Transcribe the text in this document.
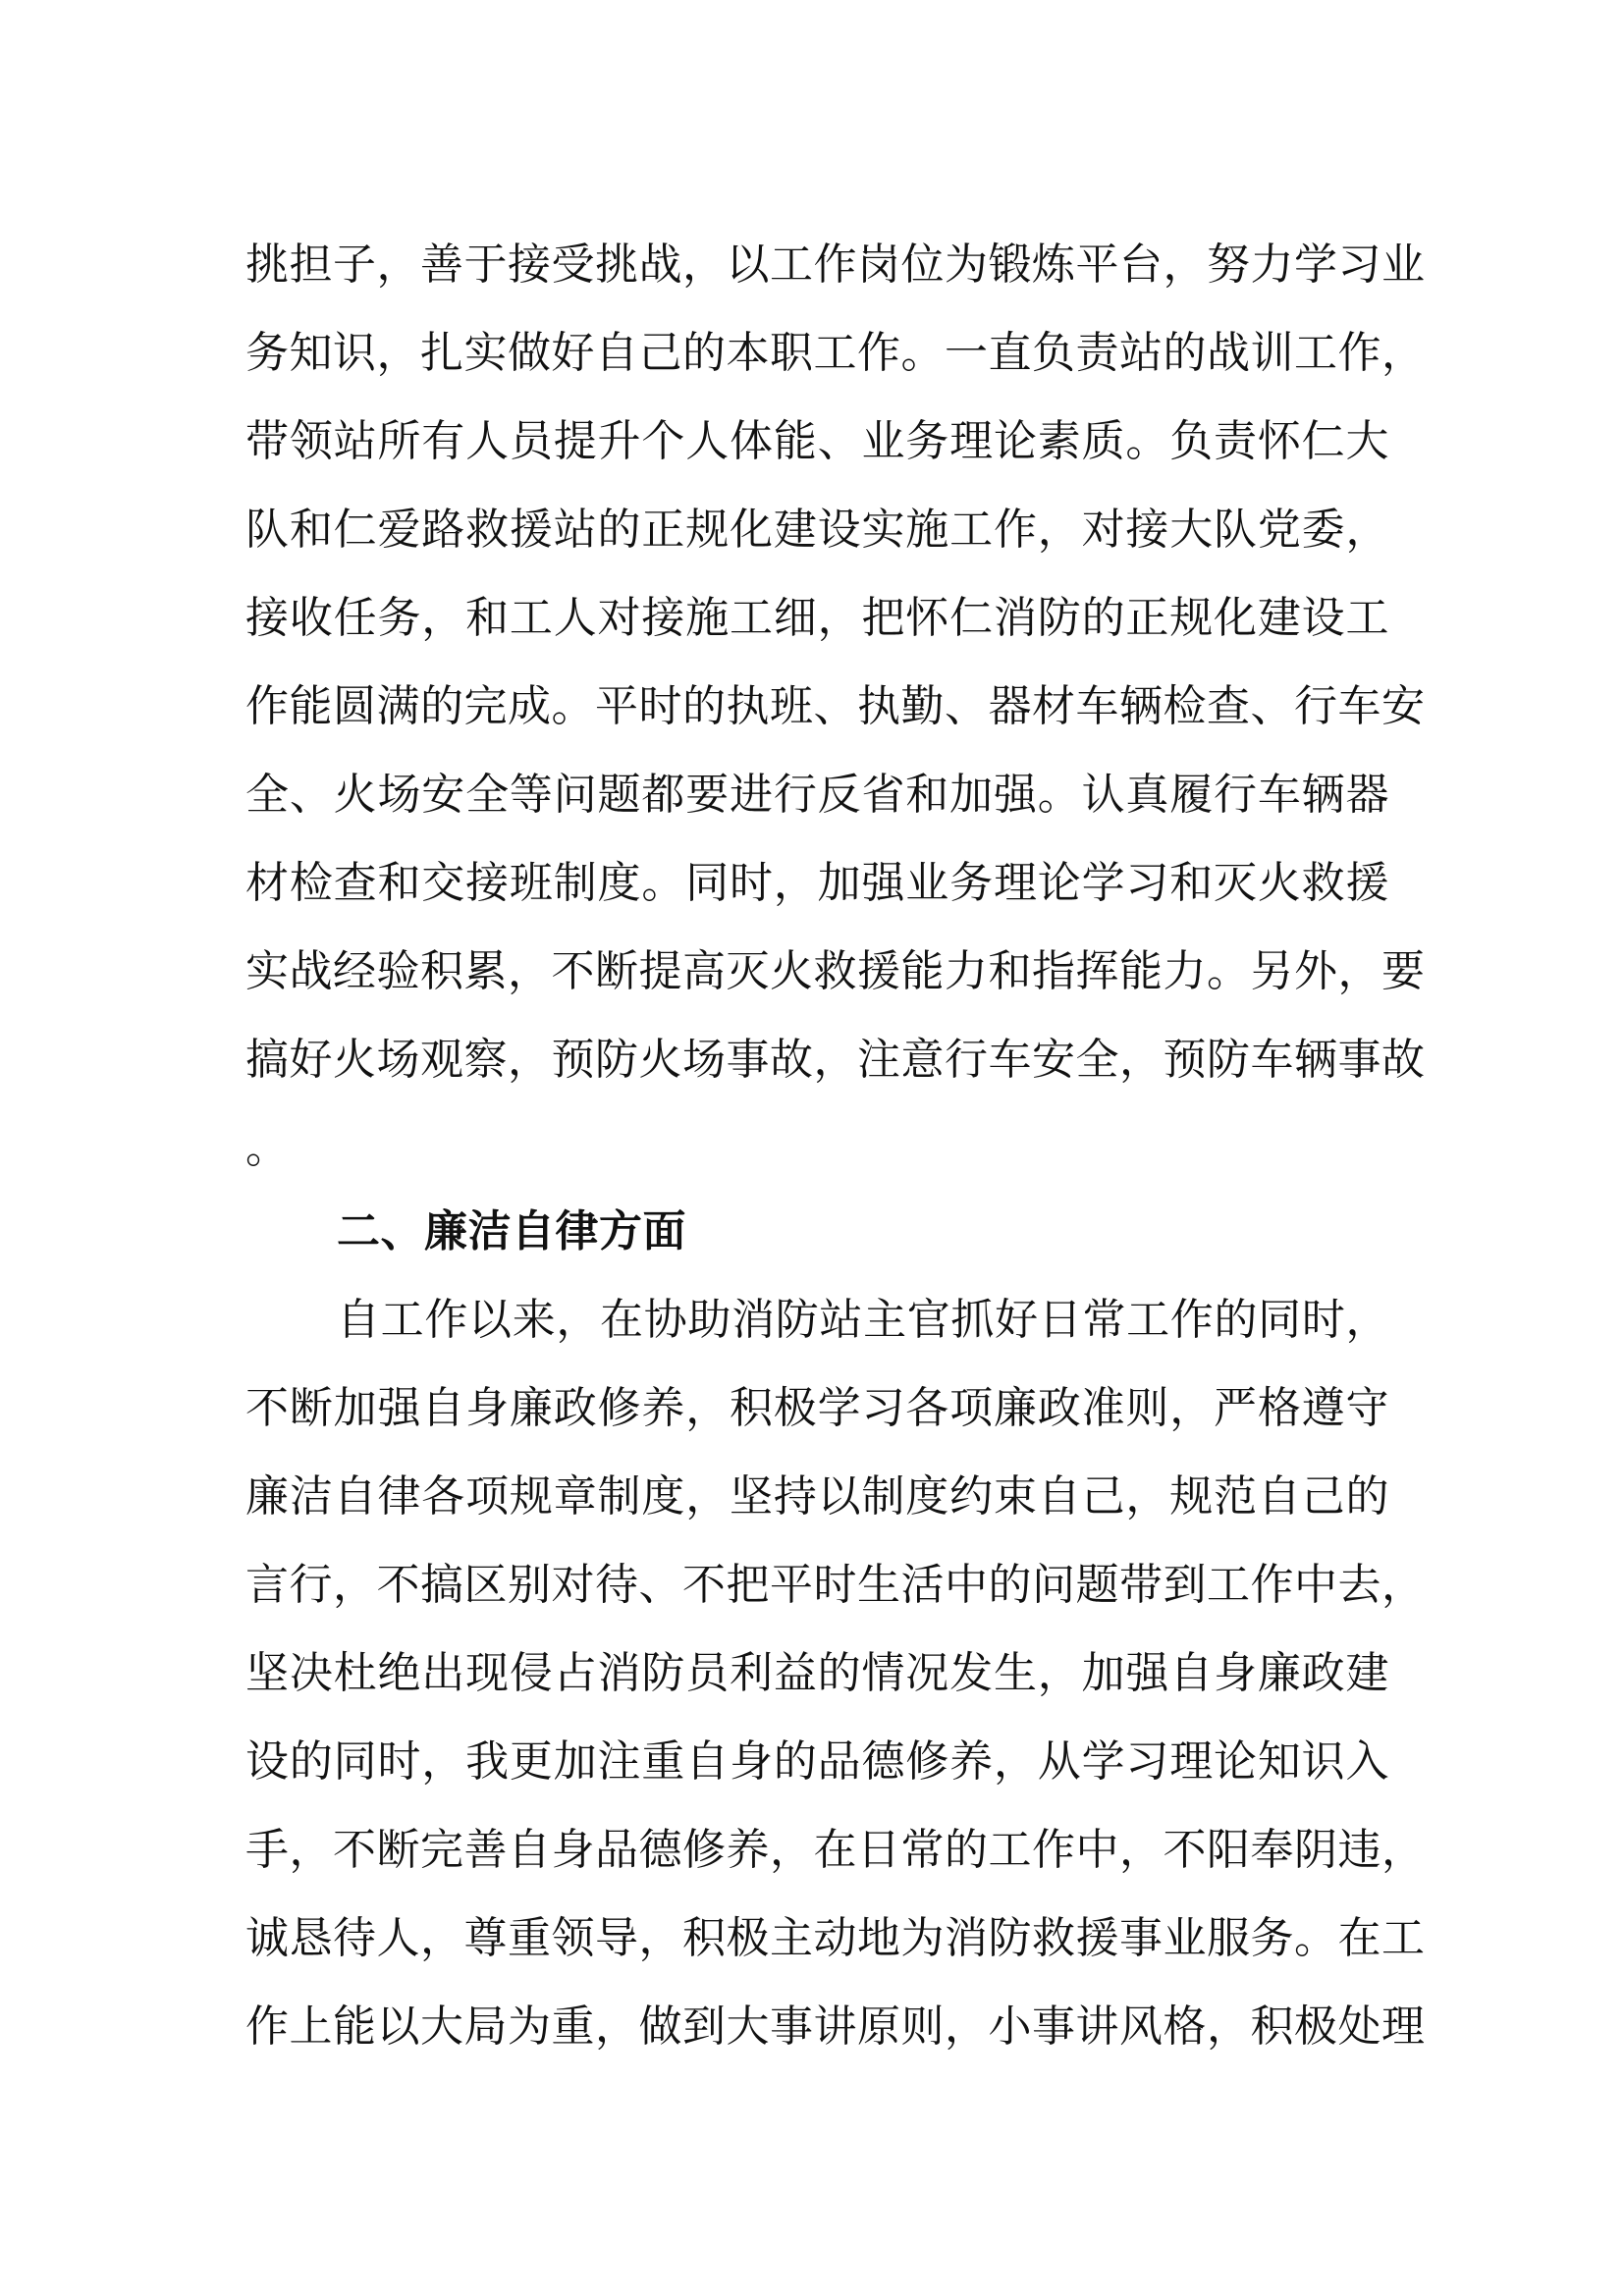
挑担子，善于接受挑战，以工作岗位为锻炼平台，努力学习业
务知识，扎实做好自己的本职工作。一直负责站的战训工作，
带领站所有人员提升个人体能、业务理论素质。负责怀仁大
队和仁爱路救援站的正规化建设实施工作，对接大队党委，
接收任务，和工人对接施工细，把怀仁消防的正规化建设工
作能圆满的完成。平时的执班、执勤、器材车辆检查、行车安
全、火场安全等问题都要进行反省和加强。认真履行车辆器
材检查和交接班制度。同时，加强业务理论学习和灭火救援
实战经验积累，不断提高灭火救援能力和指挥能力。另外，要
搞好火场观察，预防火场事故，注意行车安全，预防车辆事故
。
二、廉洁自律方面
自工作以来，在协助消防站主官抓好日常工作的同时，
不断加强自身廉政修养，积极学习各项廉政准则，严格遵守
廉洁自律各项规章制度，坚持以制度约束自己，规范自己的
言行，不搞区别对待、不把平时生活中的问题带到工作中去，
坚决杜绝出现侵占消防员利益的情况发生，加强自身廉政建
设的同时，我更加注重自身的品德修养，从学习理论知识入
手，不断完善自身品德修养，在日常的工作中，不阳奉阴违，
诚恳待人，尊重领导，积极主动地为消防救援事业服务。在工
作上能以大局为重，做到大事讲原则，小事讲风格，积极处理
